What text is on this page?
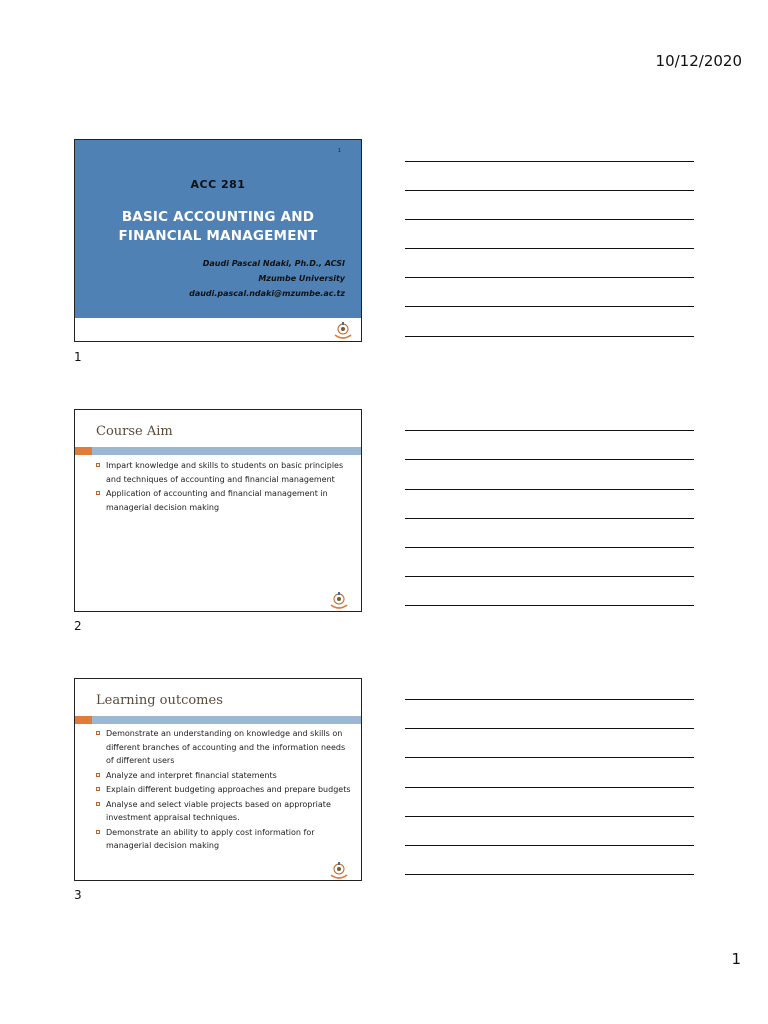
10/12/2020
1
ACC 281
BASIC ACCOUNTING AND
FINANCIAL MANAGEMENT
Daudi Pascal Ndaki, Ph.D., ACSI
Mzumbe University
daudi.pascal.ndaki@mzumbe.ac.tz
1
Course Aim
Impart knowledge and skills to students on basic principles and techniques of accounting and financial management
Application of accounting and financial management in managerial decision making
2
Learning outcomes
Demonstrate an understanding on knowledge and skills on different branches of accounting and the information needs of different users
Analyze and interpret financial statements
Explain different budgeting approaches and prepare budgets
Analyse and select viable projects based on appropriate investment appraisal techniques.
Demonstrate an ability to apply cost information for managerial decision making
3
1
